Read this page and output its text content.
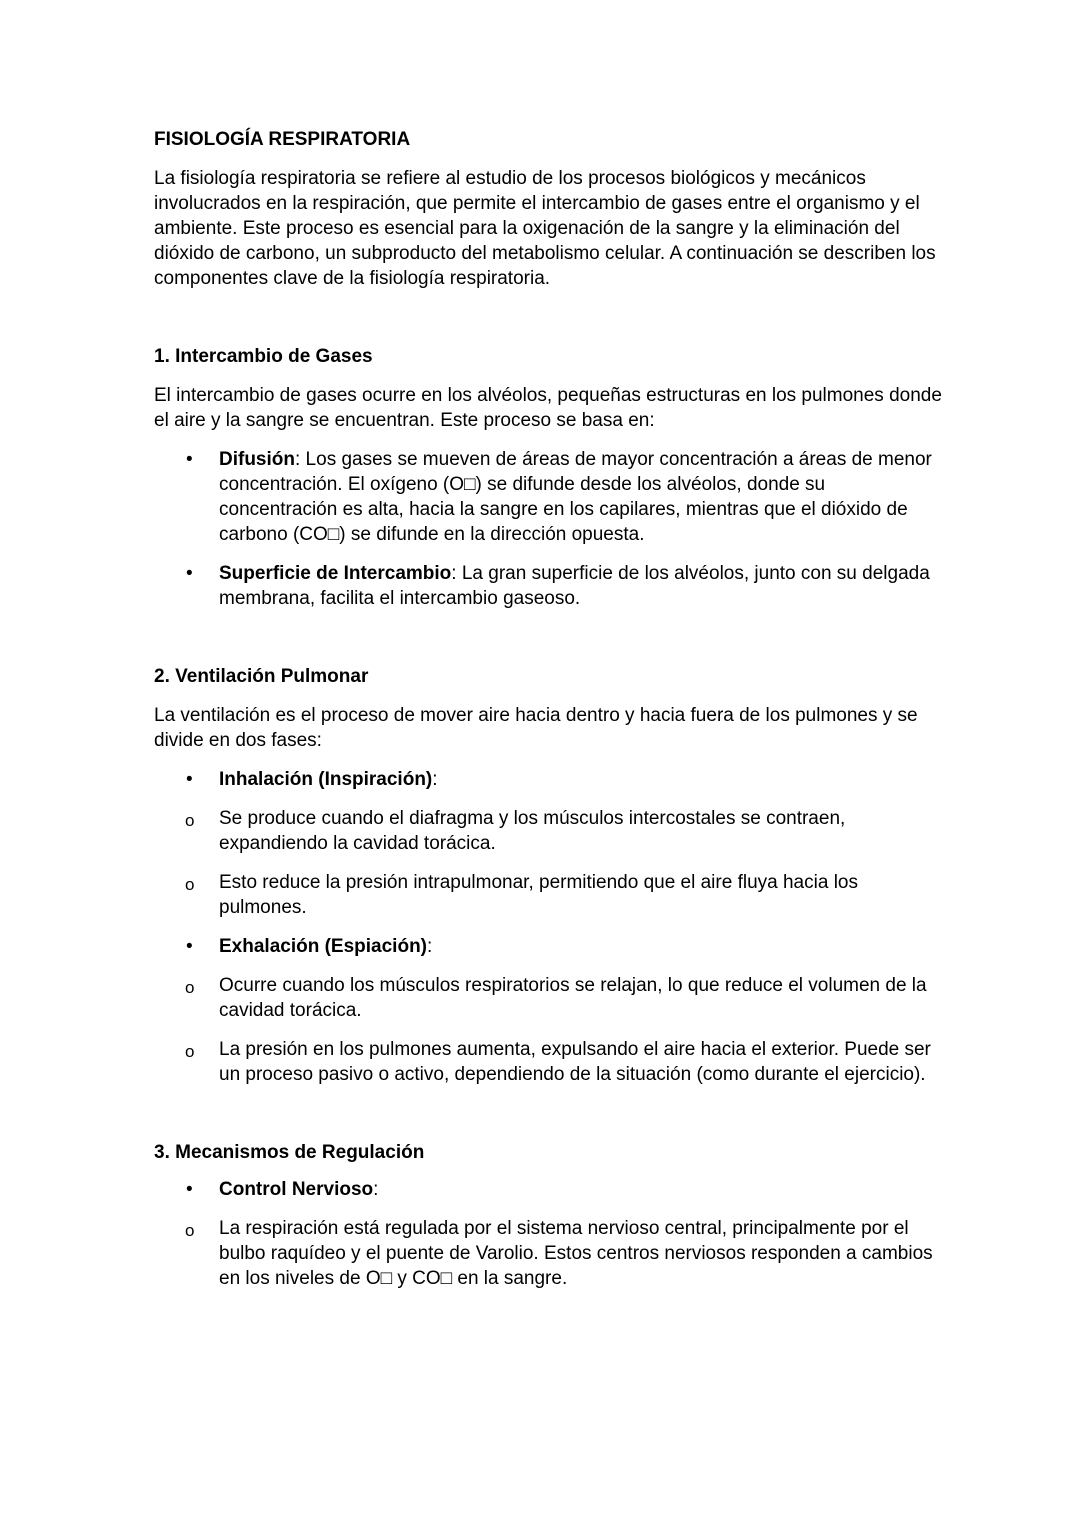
FISIOLOGÍA RESPIRATORIA

La fisiología respiratoria se refiere al estudio de los procesos biológicos y mecánicos involucrados en la respiración, que permite el intercambio de gases entre el organismo y el ambiente. Este proceso es esencial para la oxigenación de la sangre y la eliminación del dióxido de carbono, un subproducto del metabolismo celular. A continuación se describen los componentes clave de la fisiología respiratoria.

1. Intercambio de Gases

El intercambio de gases ocurre en los alvéolos, pequeñas estructuras en los pulmones donde el aire y la sangre se encuentran. Este proceso se basa en:

• Difusión: Los gases se mueven de áreas de mayor concentración a áreas de menor concentración. El oxígeno (O□) se difunde desde los alvéolos, donde su concentración es alta, hacia la sangre en los capilares, mientras que el dióxido de carbono (CO□) se difunde en la dirección opuesta.
• Superficie de Intercambio: La gran superficie de los alvéolos, junto con su delgada membrana, facilita el intercambio gaseoso.
2. Ventilación Pulmonar

La ventilación es el proceso de mover aire hacia dentro y hacia fuera de los pulmones y se divide en dos fases:

• Inhalación (Inspiración):
o Se produce cuando el diafragma y los músculos intercostales se contraen, expandiendo la cavidad torácica.
o Esto reduce la presión intrapulmonar, permitiendo que el aire fluya hacia los pulmones.
• Exhalación (Espiación):
o Ocurre cuando los músculos respiratorios se relajan, lo que reduce el volumen de la cavidad torácica.
o La presión en los pulmones aumenta, expulsando el aire hacia el exterior. Puede ser un proceso pasivo o activo, dependiendo de la situación (como durante el ejercicio).
3. Mecanismos de Regulación
• Control Nervioso:
o La respiración está regulada por el sistema nervioso central, principalmente por el bulbo raquídeo y el puente de Varolio. Estos centros nerviosos responden a cambios en los niveles de O□ y CO□ en la sangre.
